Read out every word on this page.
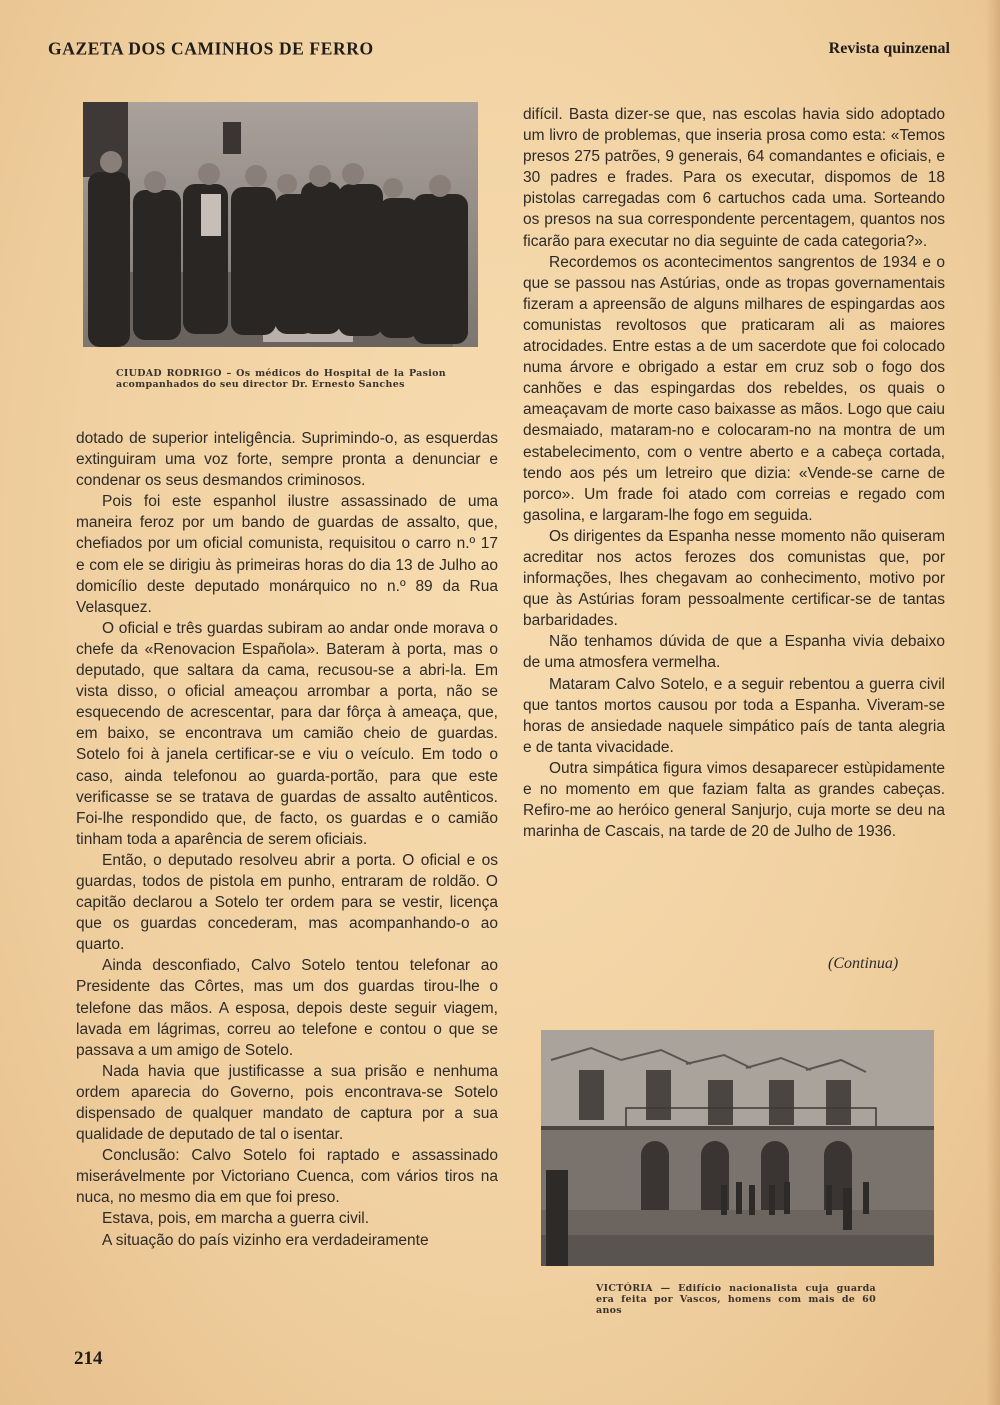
GAZETA DOS CAMINHOS DE FERRO	Revista quinzenal
CIUDAD RODRIGO – Os médicos do Hospital de la Pasion acompanhados do seu director Dr. Ernesto Sanches

dotado de superior inteligência. Suprimindo-o, as esquerdas extinguiram uma voz forte, sempre pronta a denunciar e condenar os seus desmandos criminosos.

Pois foi este espanhol ilustre assassinado de uma maneira feroz por um bando de guardas de assalto, que, chefiados por um oficial comunista, requisitou o carro n.º 17 e com ele se dirigiu às primeiras horas do dia 13 de Julho ao domicílio deste deputado monárquico no n.º 89 da Rua Velasquez.

O oficial e três guardas subiram ao andar onde morava o chefe da «Renovacion Española». Bateram à porta, mas o deputado, que saltara da cama, recusou-se a abri-la. Em vista disso, o oficial ameaçou arrombar a porta, não se esquecendo de acrescentar, para dar fôrça à ameaça, que, em baixo, se encontrava um camião cheio de guardas. Sotelo foi à janela certificar-se e viu o veículo. Em todo o caso, ainda telefonou ao guarda-portão, para que este verificasse se se tratava de guardas de assalto autênticos. Foi-lhe respondido que, de facto, os guardas e o camião tinham toda a aparência de serem oficiais.

Então, o deputado resolveu abrir a porta. O oficial e os guardas, todos de pistola em punho, entraram de roldão. O capitão declarou a Sotelo ter ordem para se vestir, licença que os guardas concederam, mas acompanhando-o ao quarto.

Ainda desconfiado, Calvo Sotelo tentou telefonar ao Presidente das Côrtes, mas um dos guardas tirou-lhe o telefone das mãos. A esposa, depois deste seguir viagem, lavada em lágrimas, correu ao telefone e contou o que se passava a um amigo de Sotelo.

Nada havia que justificasse a sua prisão e nenhuma ordem aparecia do Governo, pois encontrava-se Sotelo dispensado de qualquer mandato de captura por a sua qualidade de deputado de tal o isentar.

Conclusão: Calvo Sotelo foi raptado e assassinado miserávelmente por Victoriano Cuenca, com vários tiros na nuca, no mesmo dia em que foi preso.

Estava, pois, em marcha a guerra civil.

A situação do país vizinho era verdadeiramente

difícil. Basta dizer-se que, nas escolas havia sido adoptado um livro de problemas, que inseria prosa como esta: «Temos presos 275 patrões, 9 generais, 64 comandantes e oficiais, e 30 padres e frades. Para os executar, dispomos de 18 pistolas carregadas com 6 cartuchos cada uma. Sorteando os presos na sua correspondente percentagem, quantos nos ficarão para executar no dia seguinte de cada categoria?».

Recordemos os acontecimentos sangrentos de 1934 e o que se passou nas Astúrias, onde as tropas governamentais fizeram a apreensão de alguns milhares de espingardas aos comunistas revoltosos que praticaram ali as maiores atrocidades. Entre estas a de um sacerdote que foi colocado numa árvore e obrigado a estar em cruz sob o fogo dos canhões e das espingardas dos rebeldes, os quais o ameaçavam de morte caso baixasse as mãos. Logo que caiu desmaiado, mataram-no e colocaram-no na montra de um estabelecimento, com o ventre aberto e a cabeça cortada, tendo aos pés um letreiro que dizia: «Vende-se carne de porco». Um frade foi atado com correias e regado com gasolina, e largaram-lhe fogo em seguida.

Os dirigentes da Espanha nesse momento não quiseram acreditar nos actos ferozes dos comunistas que, por informações, lhes chegavam ao conhecimento, motivo por que às Astúrias foram pessoalmente certificar-se de tantas barbaridades.

Não tenhamos dúvida de que a Espanha vivia debaixo de uma atmosfera vermelha.

Mataram Calvo Sotelo, e a seguir rebentou a guerra civil que tantos mortos causou por toda a Espanha. Viveram-se horas de ansiedade naquele simpático país de tanta alegria e de tanta vivacidade.

Outra simpática figura vimos desaparecer estùpidamente e no momento em que faziam falta as grandes cabeças. Refiro-me ao heróico general Sanjurjo, cuja morte se deu na marinha de Cascais, na tarde de 20 de Julho de 1936.

(Continua)
VICTÓRIA — Edifício nacionalista cuja guarda era feita por Vascos, homens com mais de 60 anos
214
